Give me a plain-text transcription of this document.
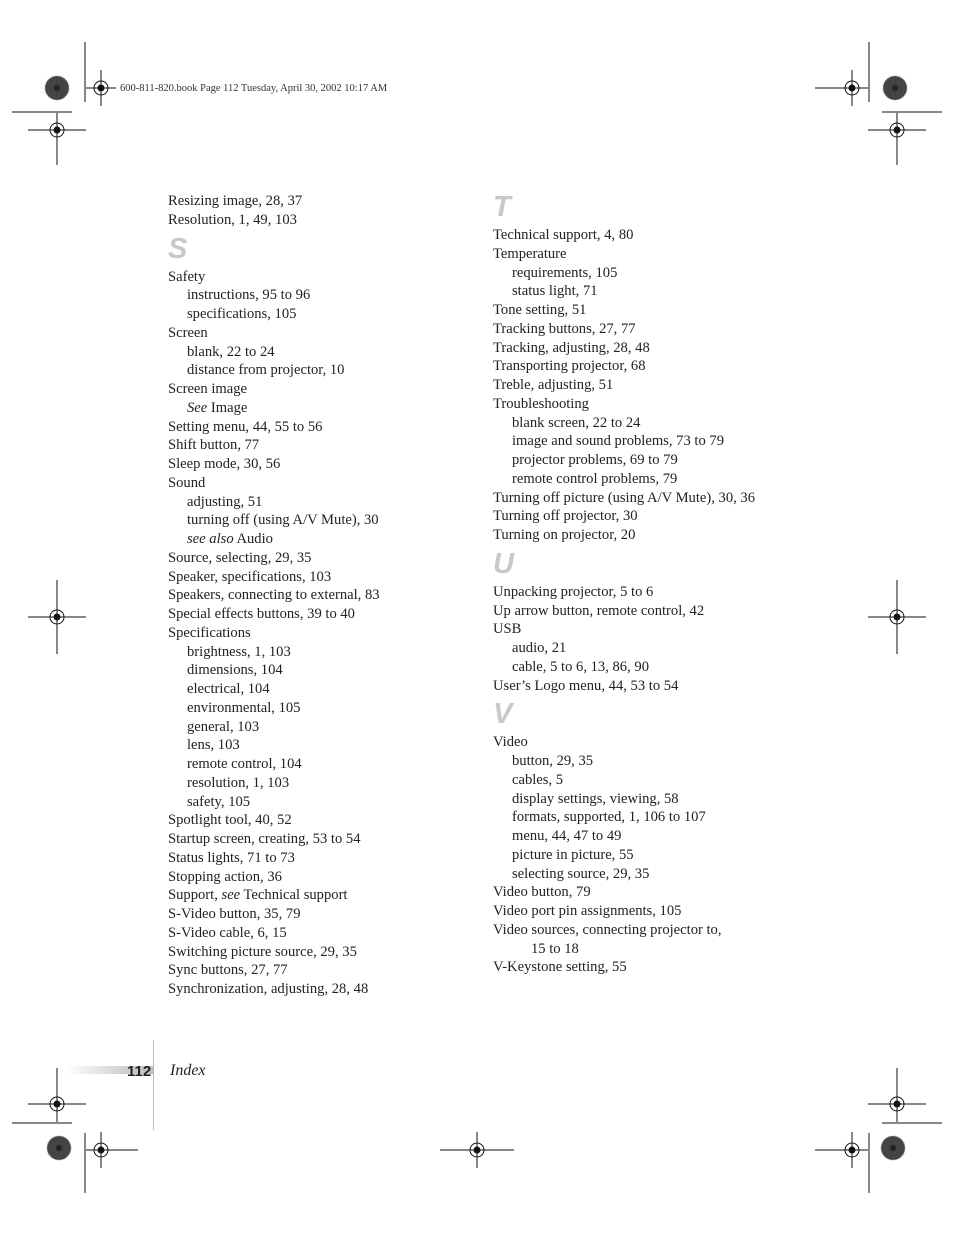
600-811-820.book Page 112 Tuesday, April 30, 2002 10:17 AM
Resizing image, 28, 37
Resolution, 1, 49, 103
S
Safety
instructions, 95 to 96
specifications, 105
Screen
blank, 22 to 24
distance from projector, 10
Screen image
See Image
Setting menu, 44, 55 to 56
Shift button, 77
Sleep mode, 30, 56
Sound
adjusting, 51
turning off (using A/V Mute), 30
see also Audio
Source, selecting, 29, 35
Speaker, specifications, 103
Speakers, connecting to external, 83
Special effects buttons, 39 to 40
Specifications
brightness, 1, 103
dimensions, 104
electrical, 104
environmental, 105
general, 103
lens, 103
remote control, 104
resolution, 1, 103
safety, 105
Spotlight tool, 40, 52
Startup screen, creating, 53 to 54
Status lights, 71 to 73
Stopping action, 36
Support, see Technical support
S-Video button, 35, 79
S-Video cable, 6, 15
Switching picture source, 29, 35
Sync buttons, 27, 77
Synchronization, adjusting, 28, 48
T
Technical support, 4, 80
Temperature
requirements, 105
status light, 71
Tone setting, 51
Tracking buttons, 27, 77
Tracking, adjusting, 28, 48
Transporting projector, 68
Treble, adjusting, 51
Troubleshooting
blank screen, 22 to 24
image and sound problems, 73 to 79
projector problems, 69 to 79
remote control problems, 79
Turning off picture (using A/V Mute), 30, 36
Turning off projector, 30
Turning on projector, 20
U
Unpacking projector, 5 to 6
Up arrow button, remote control, 42
USB
audio, 21
cable, 5 to 6, 13, 86, 90
User’s Logo menu, 44, 53 to 54
V
Video
button, 29, 35
cables, 5
display settings, viewing, 58
formats, supported, 1, 106 to 107
menu, 44, 47 to 49
picture in picture, 55
selecting source, 29, 35
Video button, 79
Video port pin assignments, 105
Video sources, connecting projector to,
15 to 18
V-Keystone setting, 55
112 Index
